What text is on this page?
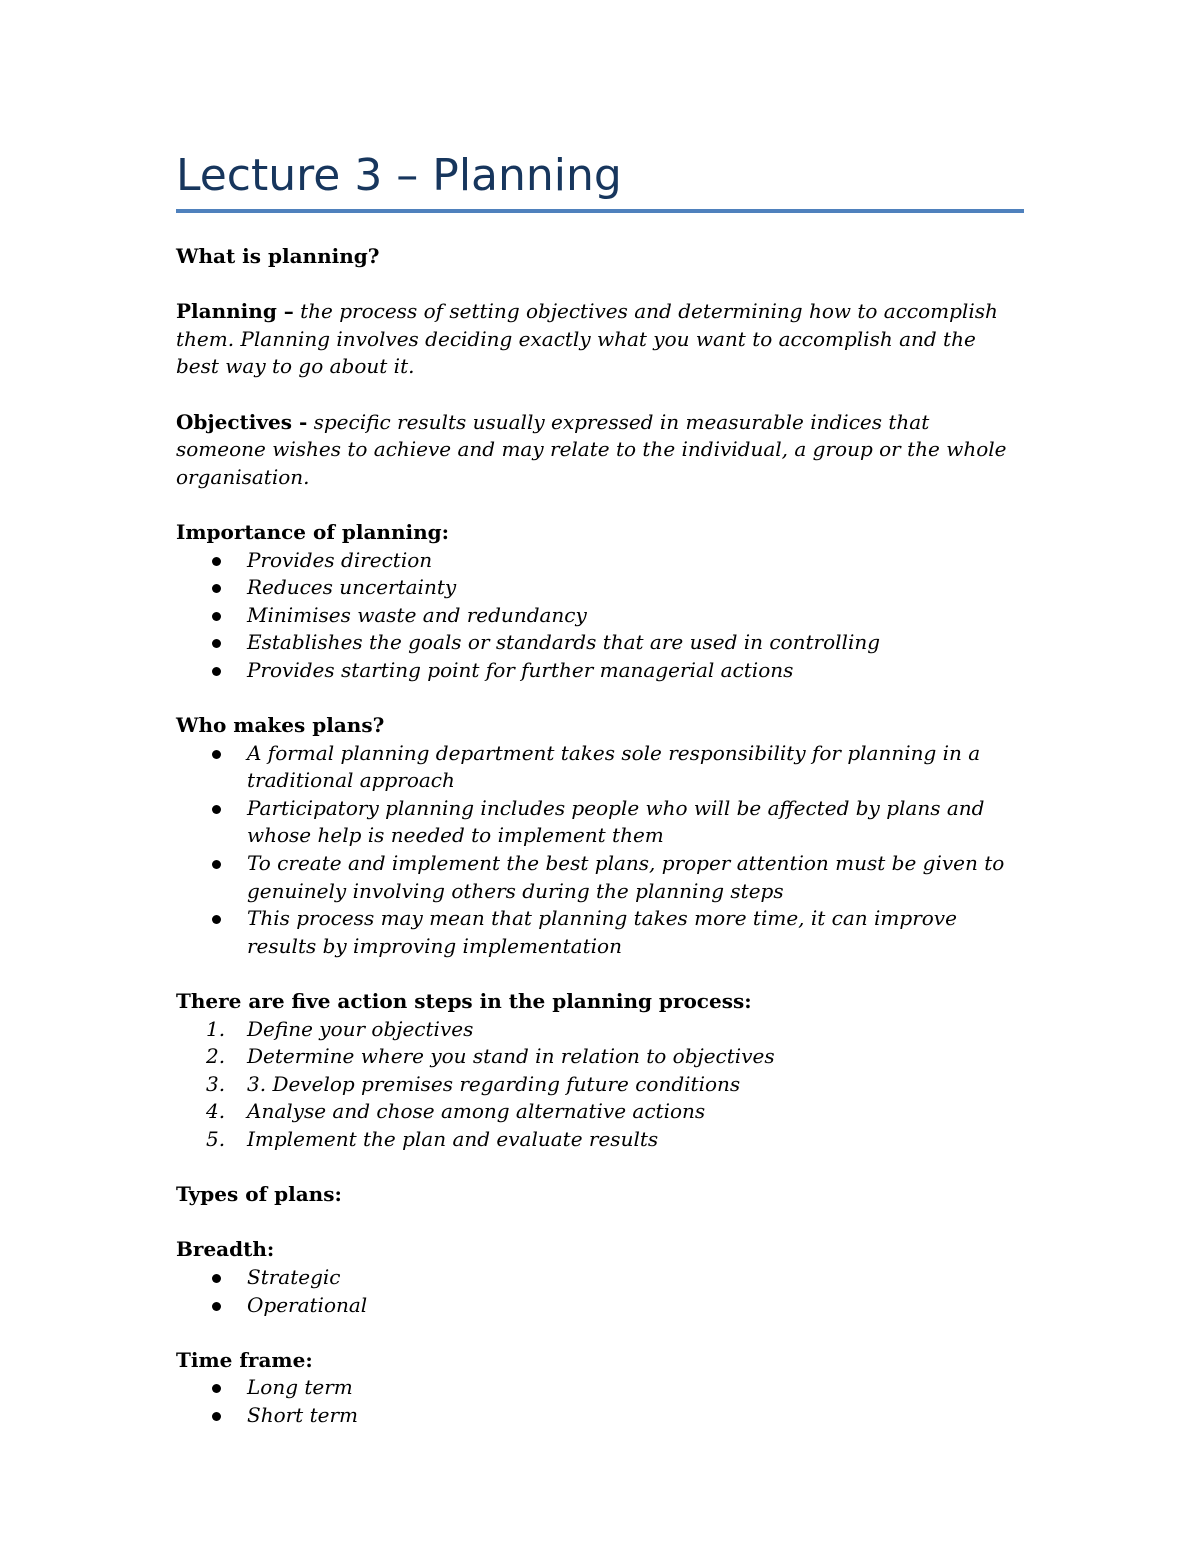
Lecture 3 – Planning

What is planning?

Planning – the process of setting objectives and determining how to accomplish them. Planning involves deciding exactly what you want to accomplish and the best way to go about it.

Objectives - specific results usually expressed in measurable indices that someone wishes to achieve and may relate to the individual, a group or the whole organisation.

Importance of planning:

Provides direction
Reduces uncertainty
Minimises waste and redundancy
Establishes the goals or standards that are used in controlling
Provides starting point for further managerial actions

Who makes plans?

A formal planning department takes sole responsibility for planning in a traditional approach
Participatory planning includes people who will be affected by plans and whose help is needed to implement them
To create and implement the best plans, proper attention must be given to genuinely involving others during the planning steps
This process may mean that planning takes more time, it can improve results by improving implementation

There are five action steps in the planning process:

1. Define your objectives
2. Determine where you stand in relation to objectives
3. 3. Develop premises regarding future conditions
4. Analyse and chose among alternative actions
5. Implement the plan and evaluate results

Types of plans:

Breadth:

Strategic
Operational

Time frame:

Long term
Short term
